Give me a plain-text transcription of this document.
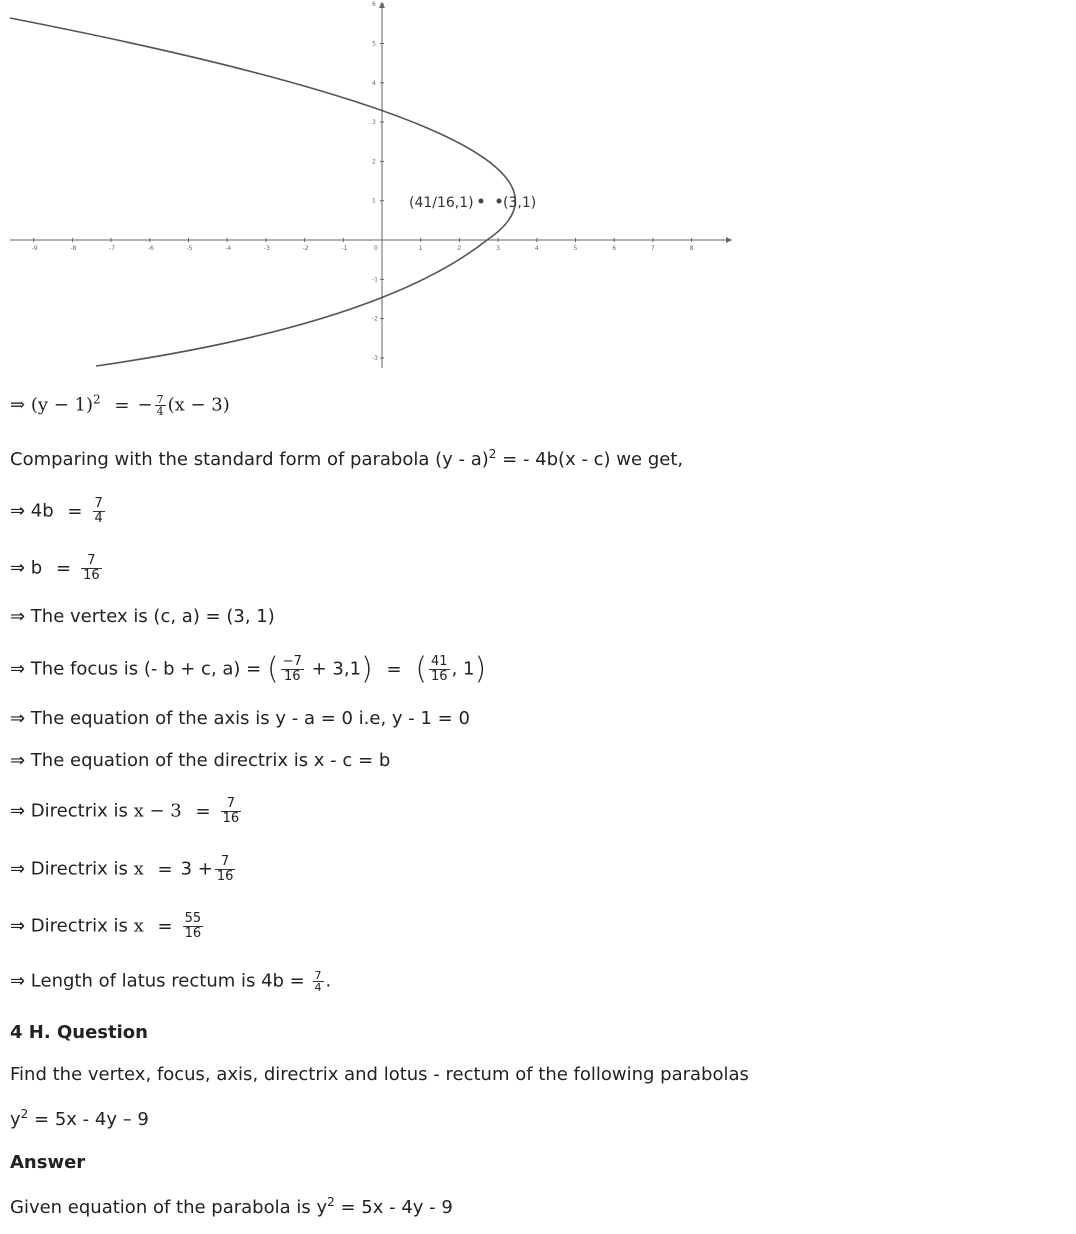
-9	-8	-7	-6	-5	-4	-3	-2	-1	1	2	3	4	5	6	7	8
6
5
4
3
2
1
-1
-2
-3
(41/16,1) (3,1)
0
⇒ $(y - 1)^2$ = − $\frac{7}{4} (x - 3)$
Comparing with the standard form of parabola (y - a)$^2$ = - 4b(x - c) we get,
⇒ $4b = \frac{7}{4}$
⇒ $b = \frac{7}{16}$
⇒ The vertex is (c, a) = (3, 1)
⇒ The focus is (- b + c, a) = ( $\frac{-7}{16} + 3,1$) = ( $\frac{41}{16}$ , 1)
⇒ The equation of the axis is y - a = 0 i.e, y - 1 = 0
⇒ The equation of the directrix is x - c = b
⇒ Directrix is $x - 3 = \frac{7}{16}$
⇒ Directrix is $x = 3 + \frac{7}{16}$
⇒ Directrix is $x = \frac{55}{16}$
⇒ Length of latus rectum is $4b = \frac{7}{4}$ .
4 H. Question
Find the vertex, focus, axis, directrix and lotus - rectum of the following parabolas
$y^2 = 5x - 4y - 9$
Answer
Given equation of the parabola is $y^2 = 5x - 4y - 9$
